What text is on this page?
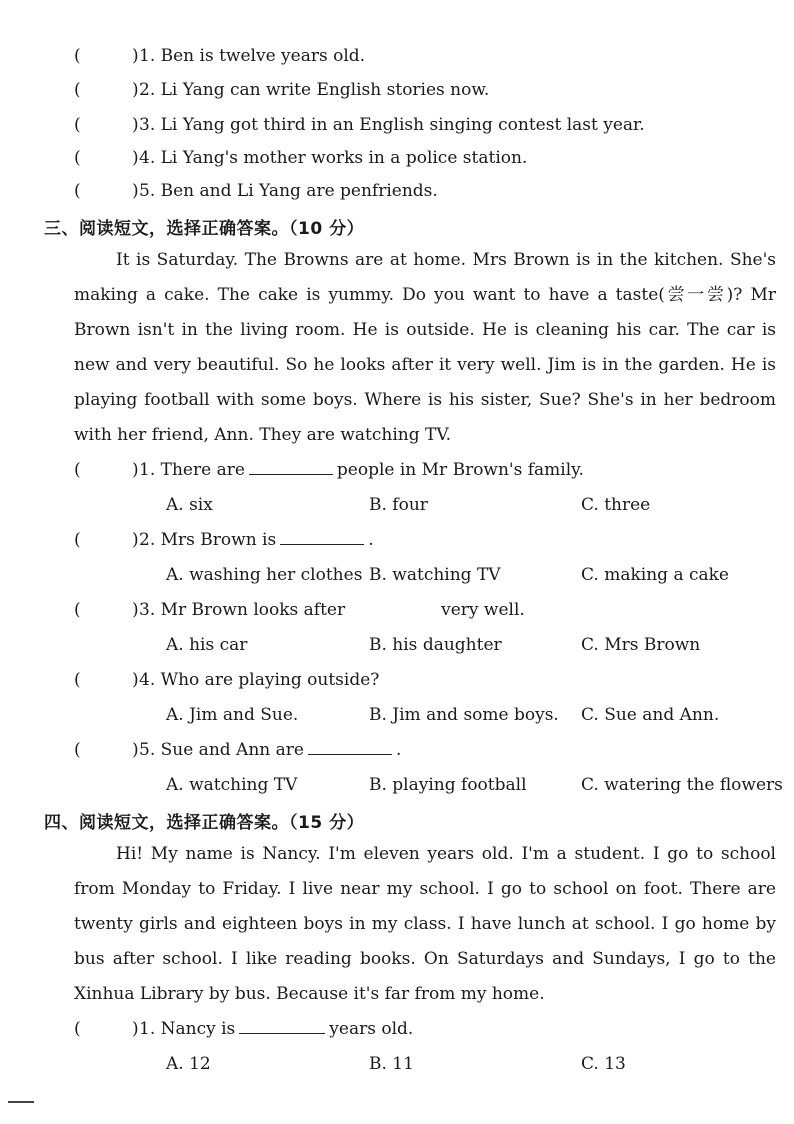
(	) 1. Ben is twelve years old.
(	) 2. Li Yang can write English stories now.
(	) 3. Li Yang got third in an English singing contest last year.
(	) 4. Li Yang's mother works in a police station.
(	) 5. Ben and Li Yang are penfriends.
三、阅读短文，选择正确答案。（10 分）
It is Saturday. The Browns are at home. Mrs Brown is in the kitchen. She's
making a cake. The cake is yummy. Do you want to have a taste(尝一尝)? Mr
Brown isn't in the living room. He is outside. He is cleaning his car. The car is
new and very beautiful. So he looks after it very well. Jim is in the garden. He is
playing football with some boys. Where is his sister, Sue? She's in her bedroom
with her friend, Ann. They are watching TV.
(	) 1. There are	people in Mr Brown's family.
A. six	B. four	C. three
(	) 2. Mrs Brown is	.
A. washing her clothes B. watching TV	C. making a cake
(	) 3. Mr Brown looks after	very well.
A. his car	B. his daughter	C. Mrs Brown
(	) 4. Who are playing outside?
A. Jim and Sue.	B. Jim and some boys. C. Sue and Ann.
(	) 5. Sue and Ann are	.
A. watching TV	B. playing football	C. watering the flowers
四、阅读短文，选择正确答案。（15 分）
Hi! My name is Nancy. I'm eleven years old. I'm a student. I go to school
from Monday to Friday. I live near my school. I go to school on foot. There are
twenty girls and eighteen boys in my class. I have lunch at school. I go home by
bus after school. I like reading books. On Saturdays and Sundays, I go to the
Xinhua Library by bus. Because it's far from my home.
(	) 1. Nancy is	years old.
A. 12	B. 11	C. 13
